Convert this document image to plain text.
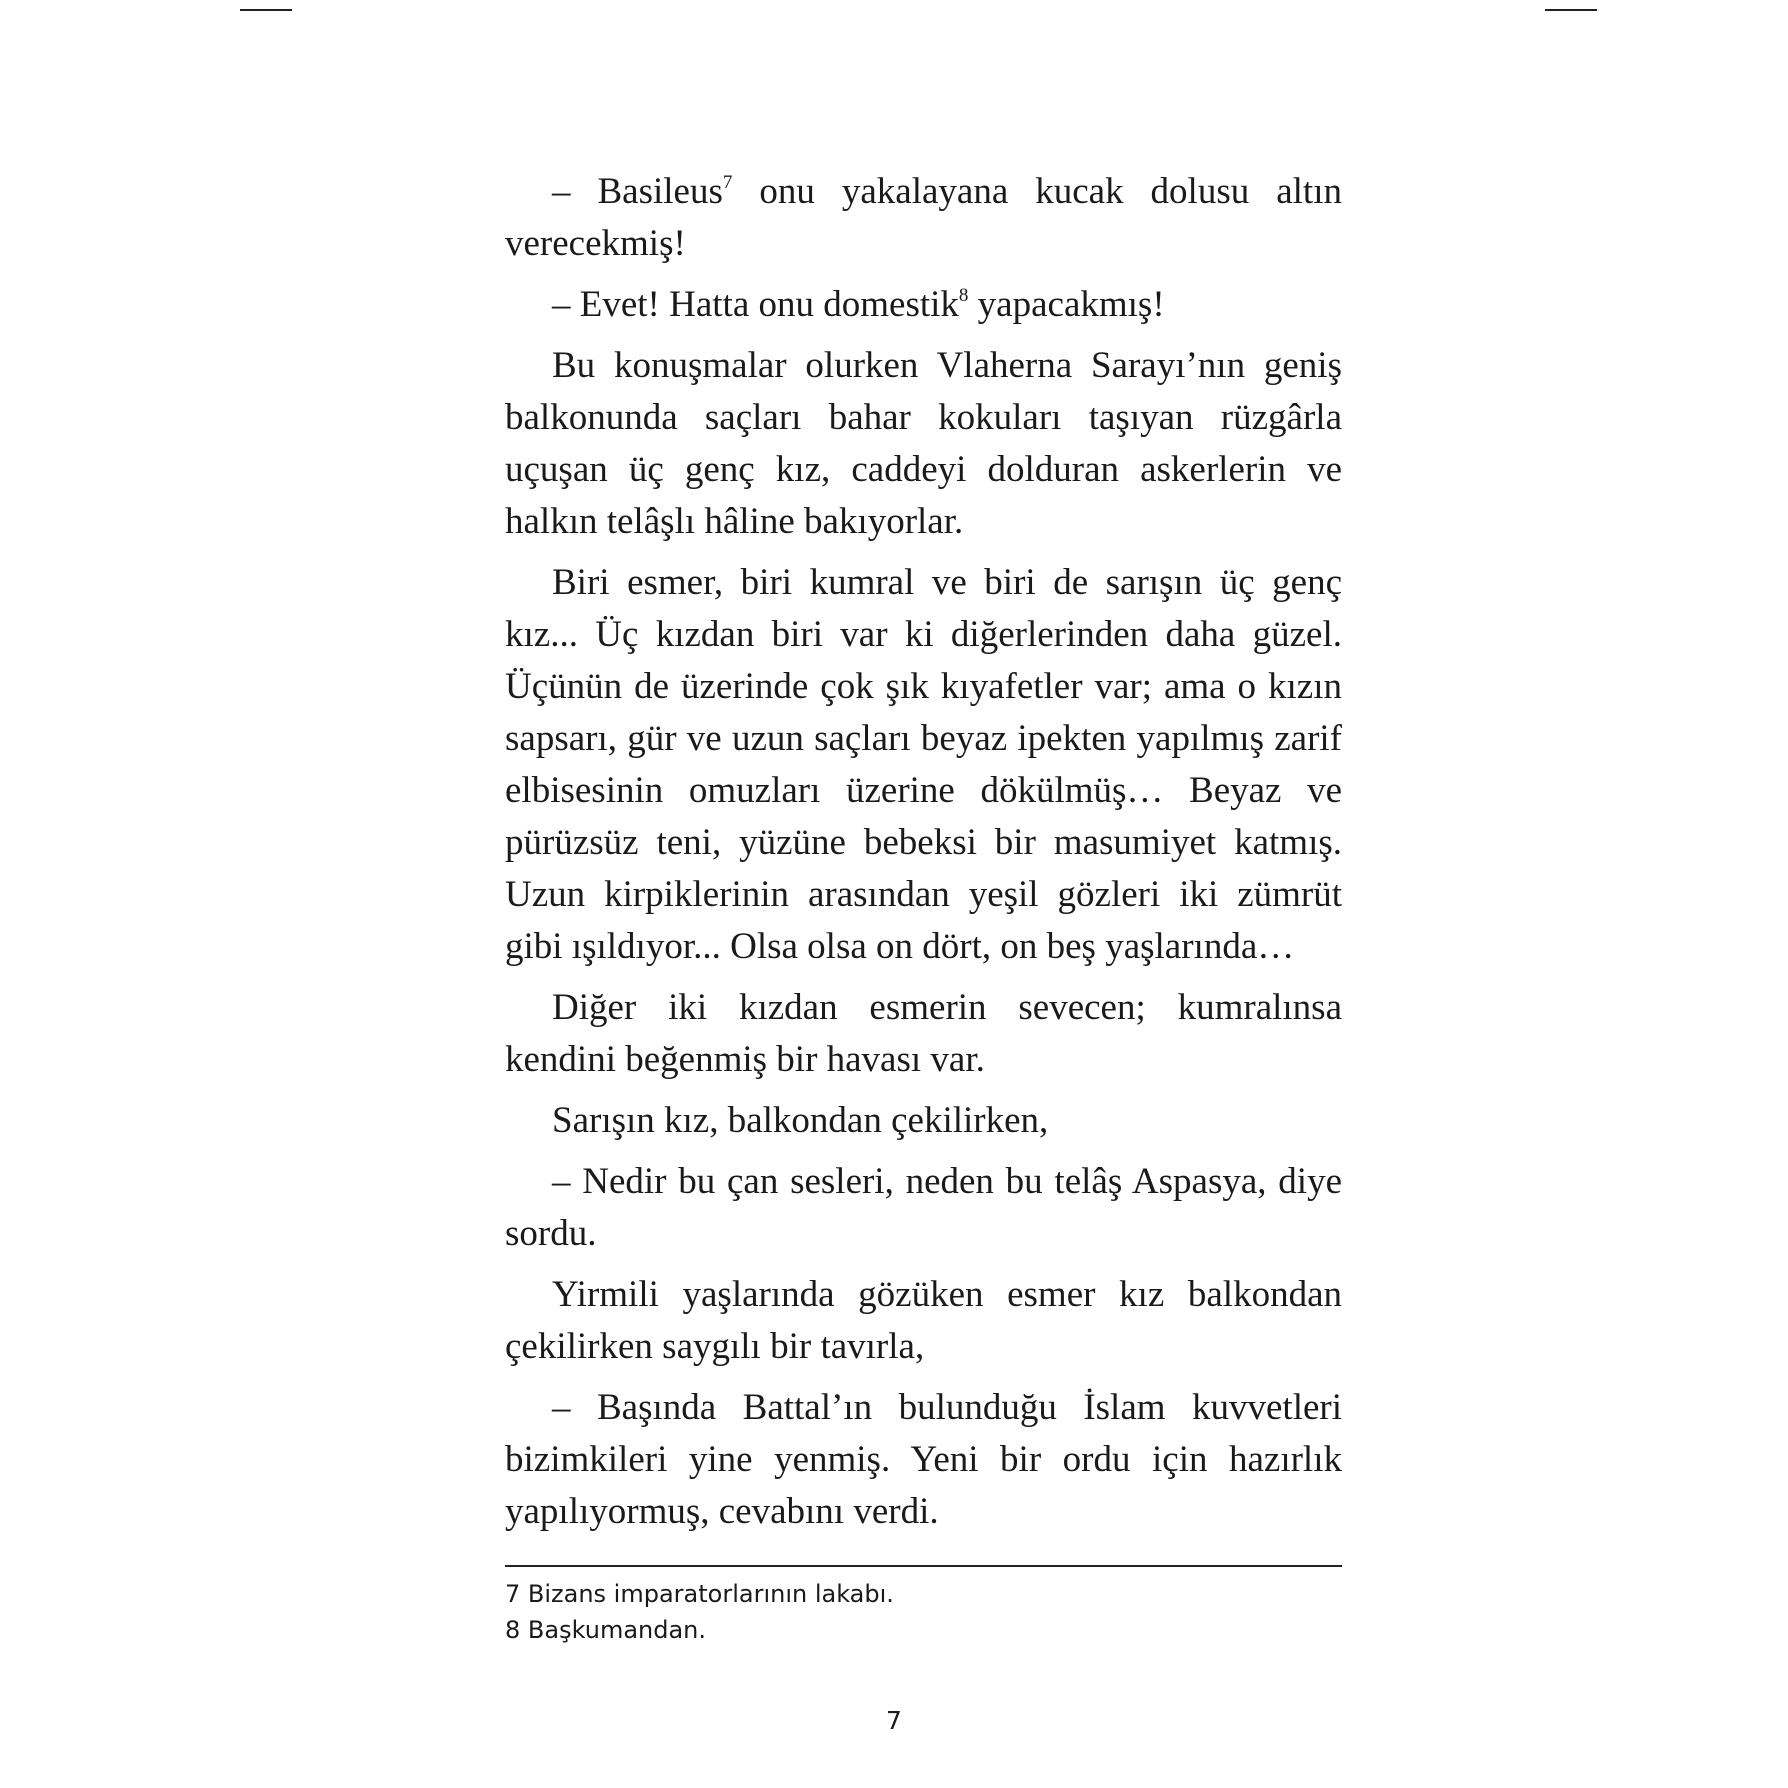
– Basileus$^7$ onu yakalayana kucak dolusu altın verecekmiş!

– Evet! Hatta onu domestik$^8$ yapacakmış!

Bu konuşmalar olurken Vlaherna Sarayı’nın geniş balkonunda saçları bahar kokuları taşıyan rüzgârla uçuşan üç genç kız, caddeyi dolduran askerlerin ve halkın telâşlı hâline bakıyorlar.

Biri esmer, biri kumral ve biri de sarışın üç genç kız... Üç kızdan biri var ki diğerlerinden daha güzel. Üçünün de üzerinde çok şık kıyafetler var; ama o kızın sapsarı, gür ve uzun saçları beyaz ipekten yapılmış zarif elbisesinin omuzları üzerine dökülmüş… Beyaz ve pürüzsüz teni, yüzüne bebeksi bir masumiyet katmış. Uzun kirpiklerinin arasından yeşil gözleri iki zümrüt gibi ışıldıyor... Olsa olsa on dört, on beş yaşlarında…

Diğer iki kızdan esmerin sevecen; kumralınsa kendini beğenmiş bir havası var.

Sarışın kız, balkondan çekilirken,

– Nedir bu çan sesleri, neden bu telâş Aspasya, diye sordu.

Yirmili yaşlarında gözüken esmer kız balkondan çekilirken saygılı bir tavırla,

– Başında Battal’ın bulunduğu İslam kuvvetleri bizimkileri yine yenmiş. Yeni bir ordu için hazırlık yapılıyormuş, cevabını verdi.

7 Bizans imparatorlarının lakabı.
8 Başkumandan.
7
